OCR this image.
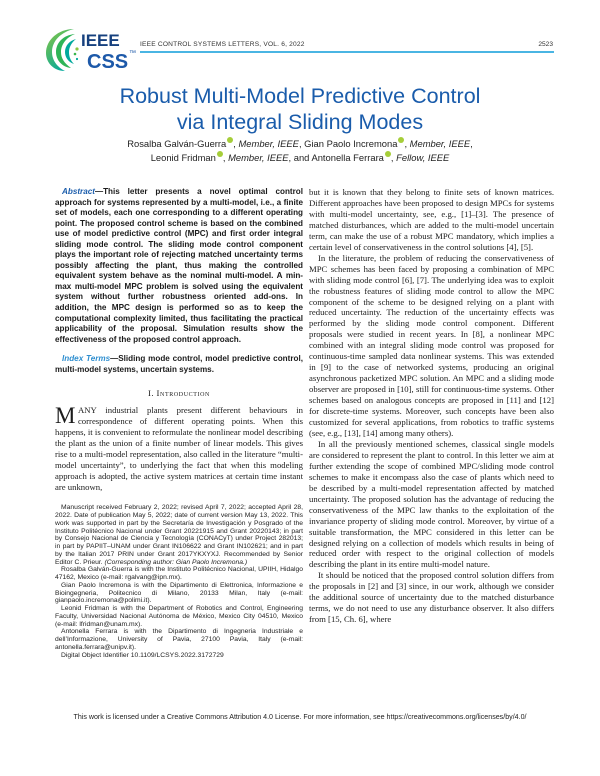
IEEE
CSS ™
IEEE CONTROL SYSTEMS LETTERS, VOL. 6, 2022	2523
Robust Multi-Model Predictive Control
via Integral Sliding Modes
Rosalba Galván-Guerra , Member, IEEE, Gian Paolo Incremona , Member, IEEE,
Leonid Fridman , Member, IEEE, and Antonella Ferrara , Fellow, IEEE

Abstract—This letter presents a novel optimal control approach for systems represented by a multi-model, i.e., a finite set of models, each one corresponding to a different operating point. The proposed control scheme is based on the combined use of model predictive control (MPC) and first order integral sliding mode control. The sliding mode control component plays the important role of rejecting matched uncertainty terms possibly affecting the plant, thus making the controlled equivalent system behave as the nominal multi-model. A min-max multi-model MPC problem is solved using the equivalent system without further robustness oriented add-ons. In addition, the MPC design is performed so as to keep the computational complexity limited, thus facilitating the practical applicability of the proposal. Simulation results show the effectiveness of the proposed control approach.

Index Terms—Sliding mode control, model predictive control, multi-model systems, uncertain systems.

I. Introduction

MANY industrial plants present different behaviours in correspondence of different operating points. When this happens, it is convenient to reformulate the nonlinear model describing the plant as the union of a finite number of linear models. This gives rise to a multi-model representation, also called in the literature “multi-model uncertainty”, to underlying the fact that when this modeling approach is adopted, the active system matrices at certain time instant are unknown,

Manuscript received February 2, 2022; revised April 7, 2022; accepted April 28, 2022. Date of publication May 5, 2022; date of current version May 13, 2022. This work was supported in part by the Secretaría de Investigación y Posgrado of the Instituto Politécnico Nacional under Grant 20221915 and Grant 20220143; in part by Consejo Nacional de Ciencia y Tecnología (CONACyT) under Project 282013; in part by PAPIIT–UNAM under Grant IN106622 and Grant IN102621; and in part by the Italian 2017 PRIN under Grant 2017YKXYXJ. Recommended by Senior Editor C. Prieur. (Corresponding author: Gian Paolo Incremona.)

Rosalba Galván-Guerra is with the Instituto Politécnico Nacional, UPIIH, Hidalgo 47162, Mexico (e-mail: rgalvang@ipn.mx).

Gian Paolo Incremona is with the Dipartimento di Elettronica, Informazione e Bioingegneria, Politecnico di Milano, 20133 Milan, Italy (e-mail: gianpaolo.incremona@polimi.it).

Leonid Fridman is with the Department of Robotics and Control, Engineering Faculty, Universidad Nacional Autónoma de México, Mexico City 04510, Mexico (e-mail: lfridman@unam.mx).

Antonella Ferrara is with the Dipartimento di Ingegneria Industriale e dell’Informazione, University of Pavia, 27100 Pavia, Italy (e-mail: antonella.ferrara@unipv.it).

Digital Object Identifier 10.1109/LCSYS.2022.3172729

but it is known that they belong to finite sets of known matrices. Different approaches have been proposed to design MPCs for systems with multi-model uncertainty, see, e.g., [1]–[3]. The presence of matched disturbances, which are added to the multi-model uncertain term, can make the use of a robust MPC mandatory, which implies a certain level of conservativeness in the control solutions [4], [5].

In the literature, the problem of reducing the conservativeness of MPC schemes has been faced by proposing a combination of MPC with sliding mode control [6], [7]. The underlying idea was to exploit the robustness features of sliding mode control to allow the MPC component of the scheme to be designed relying on a plant with reduced uncertainty. The reduction of the uncertainty effects was performed by the sliding mode control component. Different proposals were studied in recent years. In [8], a nonlinear MPC combined with an integral sliding mode control was proposed for continuous-time sampled data nonlinear systems. This was extended in [9] to the case of networked systems, producing an original asynchronous packetized MPC solution. An MPC and a sliding mode observer are proposed in [10], still for continuous-time systems. Other schemes based on analogous concepts are proposed in [11] and [12] for discrete-time systems. Moreover, such concepts have been also customized for several applications, from robotics to traffic systems (see, e.g., [13], [14] among many others).

In all the previously mentioned schemes, classical single models are considered to represent the plant to control. In this letter we aim at further extending the scope of combined MPC/sliding mode control schemes to make it encompass also the case of plants which need to be described by a multi-model representation affected by matched uncertainty. The proposed solution has the advantage of reducing the conservativeness of the MPC law thanks to the exploitation of the invariance property of sliding mode control. Moreover, by virtue of a suitable transformation, the MPC considered in this letter can be designed relying on a collection of models which results in being of reduced order with respect to the original collection of models describing the plant in its entire multi-model nature.

It should be noticed that the proposed control solution differs from the proposals in [2] and [3] since, in our work, although we consider the additional source of uncertainty due to the matched disturbance terms, we do not need to use any disturbance observer. It also differs from [15, Ch. 6], where

This work is licensed under a Creative Commons Attribution 4.0 License. For more information, see https://creativecommons.org/licenses/by/4.0/
